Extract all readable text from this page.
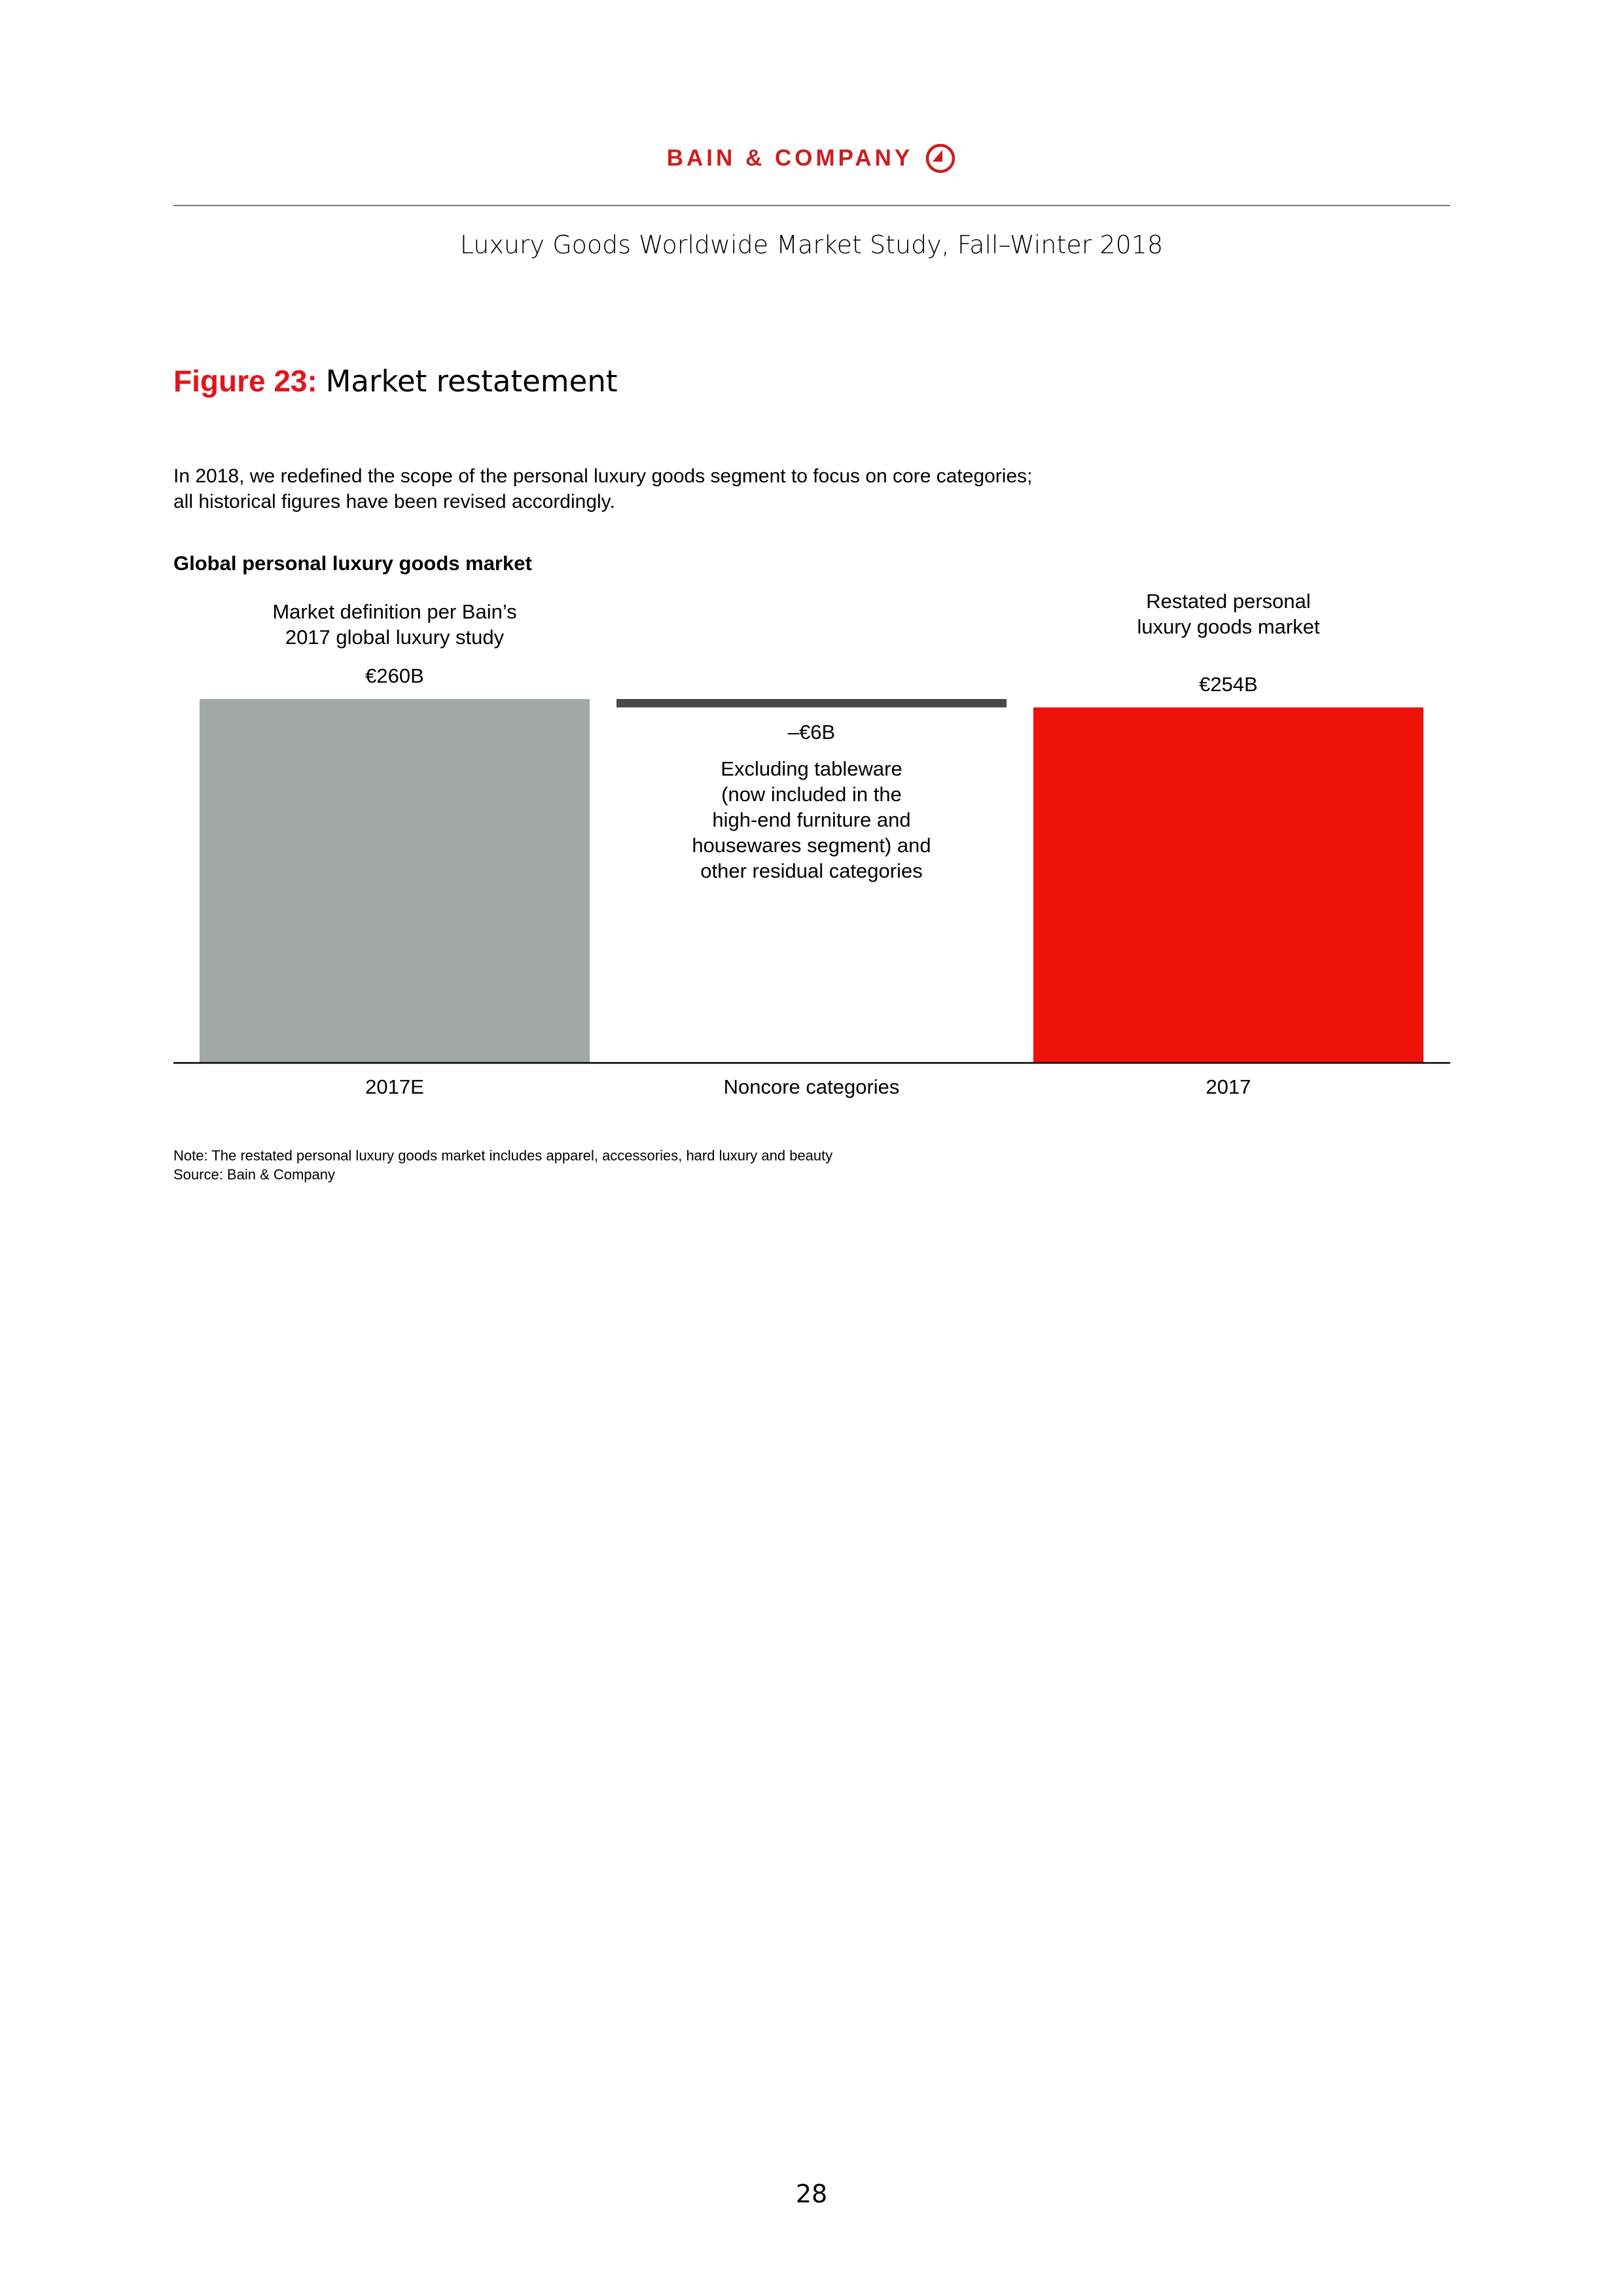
BAIN & COMPANY
Luxury Goods Worldwide Market Study, Fall–Winter 2018
Figure 23: Market restatement
In 2018, we redefined the scope of the personal luxury goods segment to focus on core categories;
all historical figures have been revised accordingly.
Global personal luxury goods market
€260B
Market definition per Bain’s
2017 global luxury study
2017E
–€6B
Excluding tableware
(now included in the
high-end furniture and
housewares segment) and
other residual categories
Noncore categories
€254B
Restated personal
luxury goods market
2017
Note: The restated personal luxury goods market includes apparel, accessories, hard luxury and beauty
Source: Bain & Company
28
